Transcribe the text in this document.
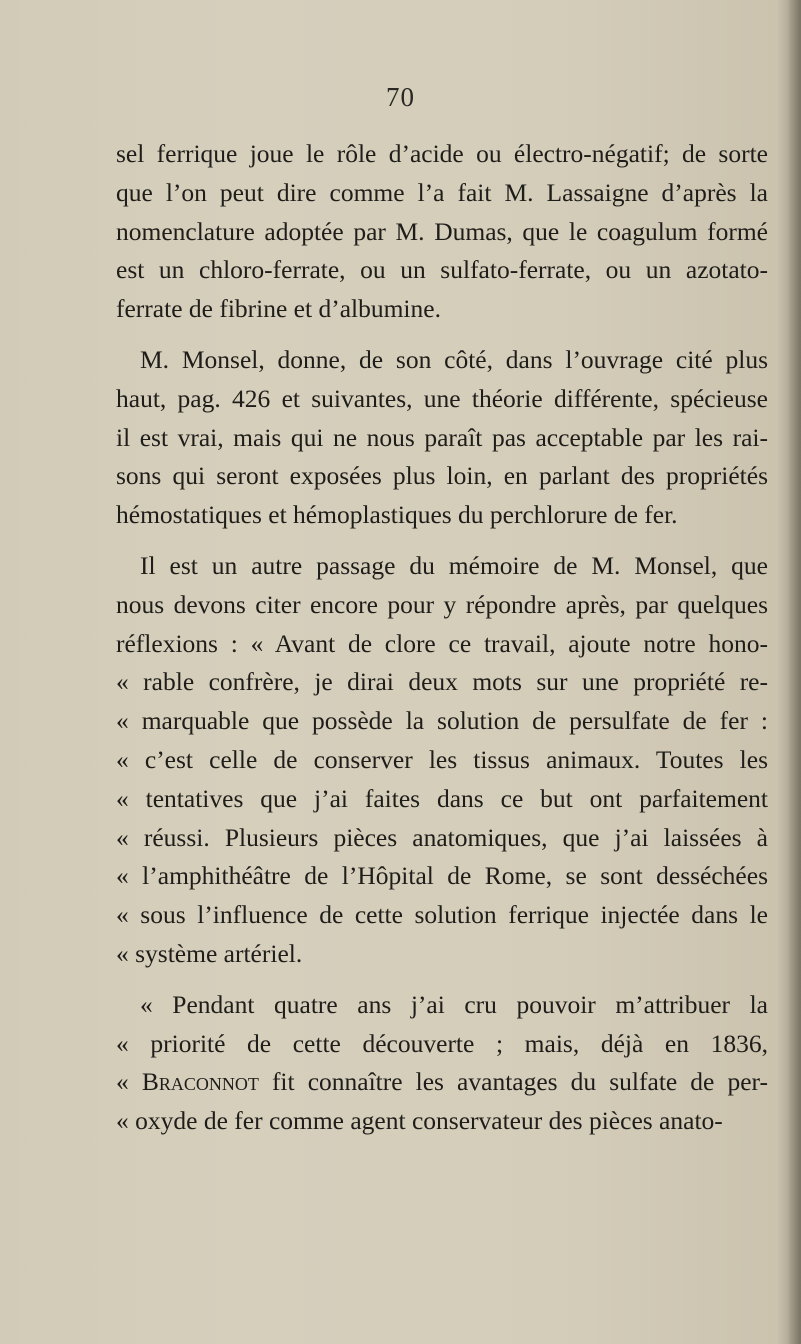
70
sel ferrique joue le rôle d’acide ou électro-négatif; de sorte
que l’on peut dire comme l’a fait M. Lassaigne d’après la
nomenclature adoptée par M. Dumas, que le coagulum formé
est un chloro-ferrate, ou un sulfato-ferrate, ou un azotato-
ferrate de fibrine et d’albumine.
M. Monsel, donne, de son côté, dans l’ouvrage cité plus
haut, pag. 426 et suivantes, une théorie différente, spécieuse
il est vrai, mais qui ne nous paraît pas acceptable par les rai-
sons qui seront exposées plus loin, en parlant des propriétés
hémostatiques et hémoplastiques du perchlorure de fer.
Il est un autre passage du mémoire de M. Monsel, que
nous devons citer encore pour y répondre après, par quelques
réflexions : « Avant de clore ce travail, ajoute notre hono-
« rable confrère, je dirai deux mots sur une propriété re-
« marquable que possède la solution de persulfate de fer :
« c’est celle de conserver les tissus animaux. Toutes les
« tentatives que j’ai faites dans ce but ont parfaitement
« réussi. Plusieurs pièces anatomiques, que j’ai laissées à
« l’amphithéâtre de l’Hôpital de Rome, se sont desséchées
« sous l’influence de cette solution ferrique injectée dans le
« système artériel.
« Pendant quatre ans j’ai cru pouvoir m’attribuer la
« priorité de cette découverte ; mais, déjà en 1836,
« Braconnot fit connaître les avantages du sulfate de per-
« oxyde de fer comme agent conservateur des pièces anato-
